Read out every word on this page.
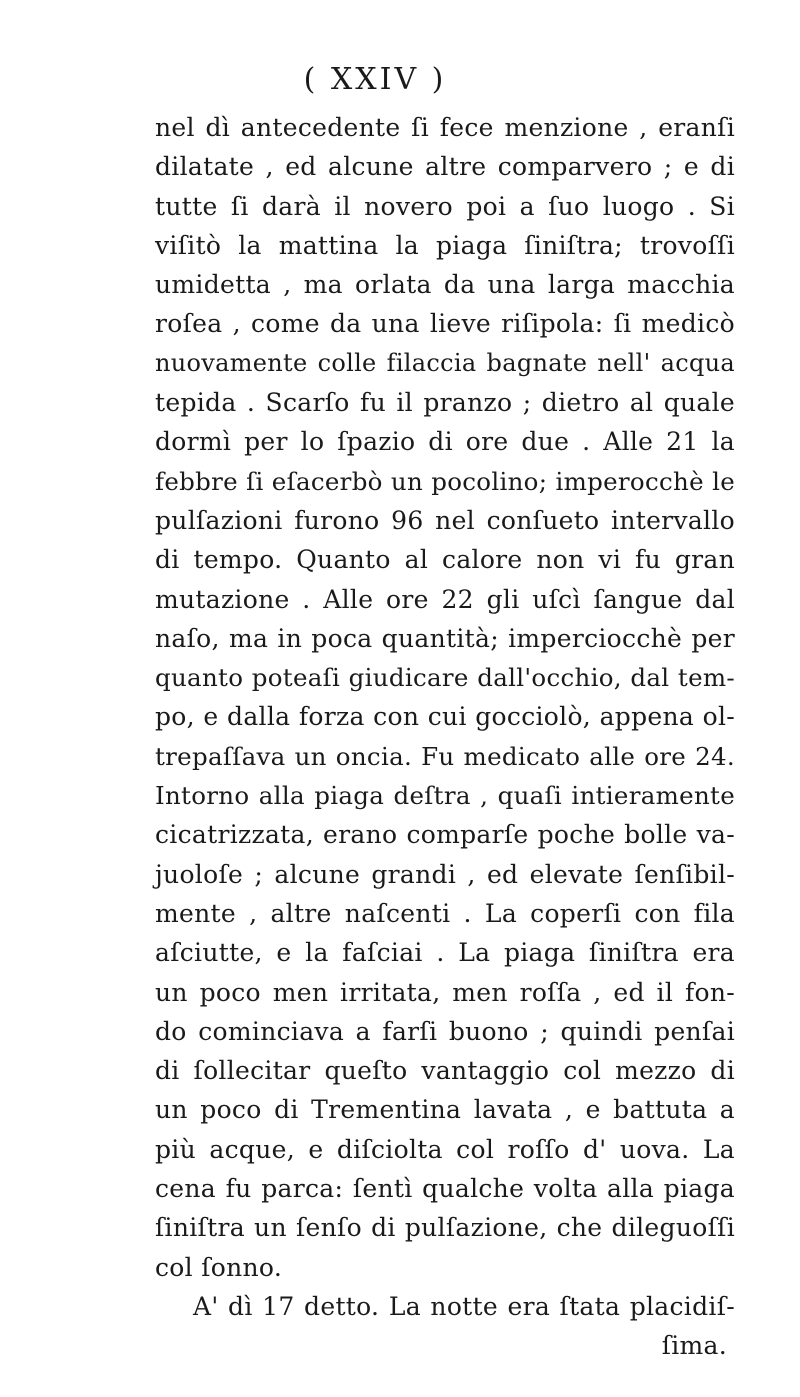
( XXIV )
nel dì antecedente ſi fece menzione , eranſi
dilatate , ed alcune altre comparvero ; e di
tutte ſi darà il novero poi a ſuo luogo . Si
viſitò la mattina la piaga ſiniſtra; trovoſſi
umidetta , ma orlata da una larga macchia
roſea , come da una lieve riſipola: ſi medicò
nuovamente colle filaccia bagnate nell' acqua
tepida . Scarſo fu il pranzo ; dietro al quale
dormì per lo ſpazio di ore due . Alle 21 la
febbre ſi eſacerbò un pocolino; imperocchè le
pulſazioni furono 96 nel conſueto intervallo
di tempo. Quanto al calore non vi fu gran
mutazione . Alle ore 22 gli uſcì ſangue dal
naſo, ma in poca quantità; imperciocchè per
quanto poteaſi giudicare dall'occhio, dal tem-
po, e dalla forza con cui gocciolò, appena ol-
trepaſſava un oncia. Fu medicato alle ore 24.
Intorno alla piaga deſtra , quaſi intieramente
cicatrizzata, erano comparſe poche bolle va-
juoloſe ; alcune grandi , ed elevate ſenſibil-
mente , altre naſcenti . La coperſi con fila
aſciutte, e la faſciai . La piaga ſiniſtra era
un poco men irritata, men roſſa , ed il fon-
do cominciava a farſi buono ; quindi penſai
di ſollecitar queſto vantaggio col mezzo di
un poco di Trementina lavata , e battuta a
più acque, e diſciolta col roſſo d' uova. La
cena fu parca: ſentì qualche volta alla piaga
ſiniſtra un ſenſo di pulſazione, che dileguoſſi
col ſonno.
A' dì 17 detto. La notte era ſtata placidiſ-
ſima.
